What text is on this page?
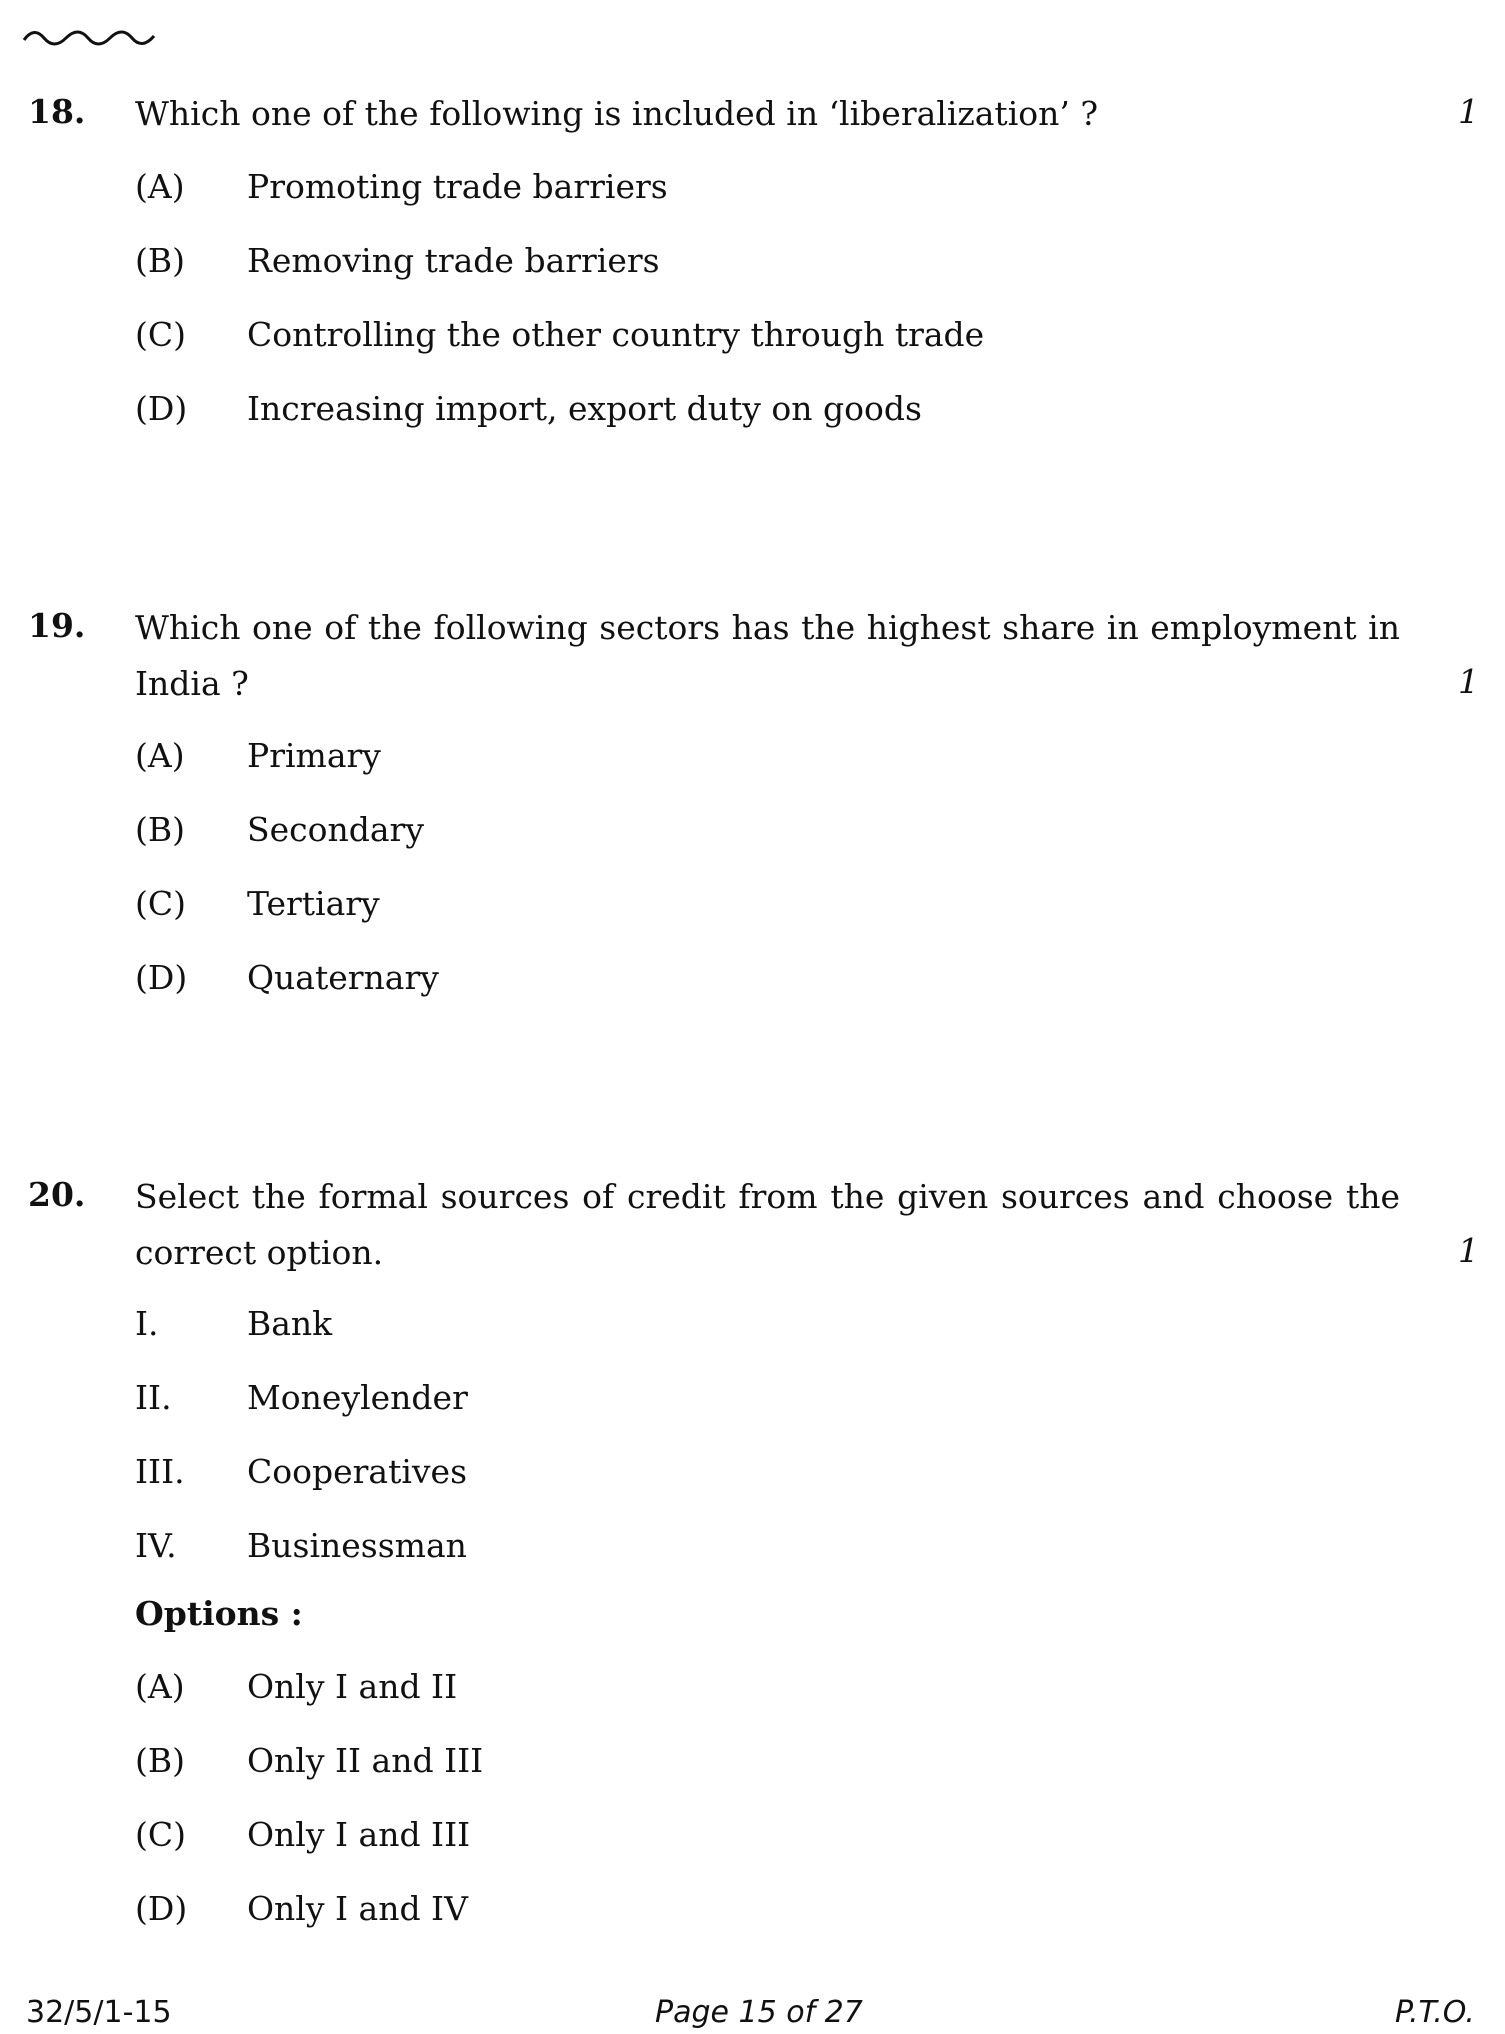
18. Which one of the following is included in ‘liberalization’ ?	1
(A) Promoting trade barriers
(B) Removing trade barriers
(C) Controlling the other country through trade
(D) Increasing import, export duty on goods
19. Which one of the following sectors has the highest share in employment in India ?	1
(A) Primary
(B) Secondary
(C) Tertiary
(D) Quaternary
20. Select the formal sources of credit from the given sources and choose the correct option.	1
I.	Bank
II. Moneylender
III. Cooperatives
IV. Businessman
Options :
(A) Only I and II
(B) Only II and III
(C) Only I and III
(D) Only I and IV
32/5/1-15	Page 15 of 27	P.T.O.
